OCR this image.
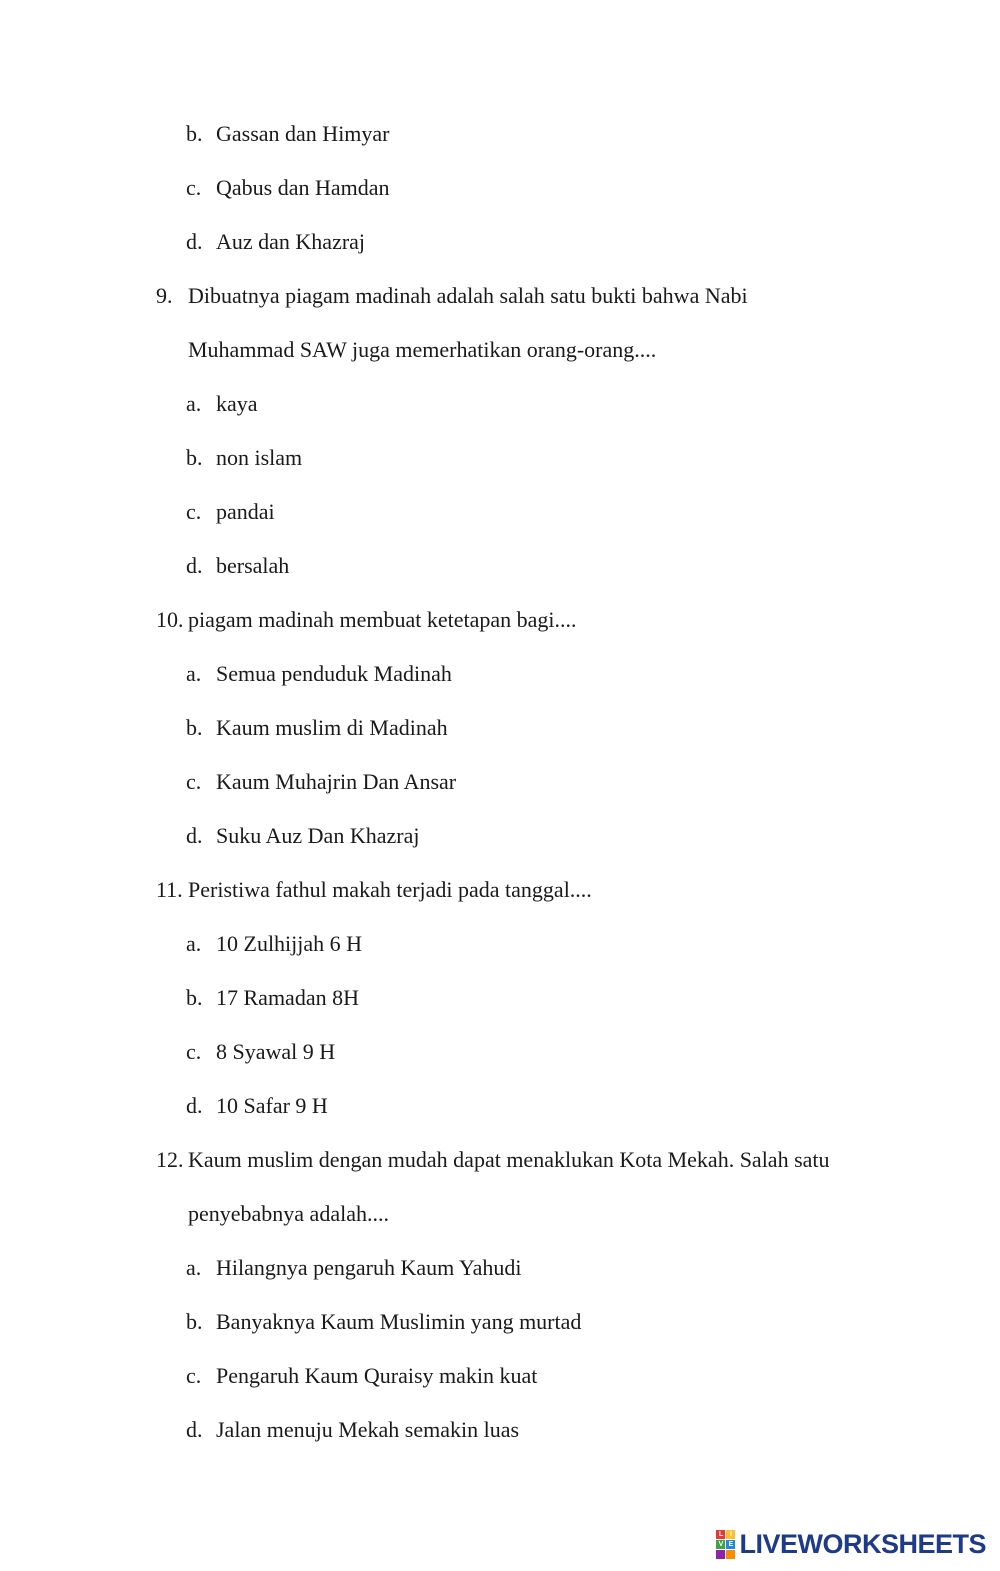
b. Gassan dan Himyar
c. Qabus dan Hamdan
d. Auz dan Khazraj
9. Dibuatnya piagam madinah adalah salah satu bukti bahwa Nabi
Muhammad SAW juga memerhatikan orang-orang....
a. kaya
b. non islam
c. pandai
d. bersalah
10. piagam madinah membuat ketetapan bagi....
a. Semua penduduk Madinah
b. Kaum muslim di Madinah
c. Kaum Muhajrin Dan Ansar
d. Suku Auz Dan Khazraj
11. Peristiwa fathul makah terjadi pada tanggal....
a. 10 Zulhijjah 6 H
b. 17 Ramadan 8H
c. 8 Syawal 9 H
d. 10 Safar 9 H
12. Kaum muslim dengan mudah dapat menaklukan Kota Mekah. Salah satu
penyebabnya adalah....
a. Hilangnya pengaruh Kaum Yahudi
b. Banyaknya Kaum Muslimin yang murtad
c. Pengaruh Kaum Quraisy makin kuat
d. Jalan menuju Mekah semakin luas
L I
V E LIVEWORKSHEETS
